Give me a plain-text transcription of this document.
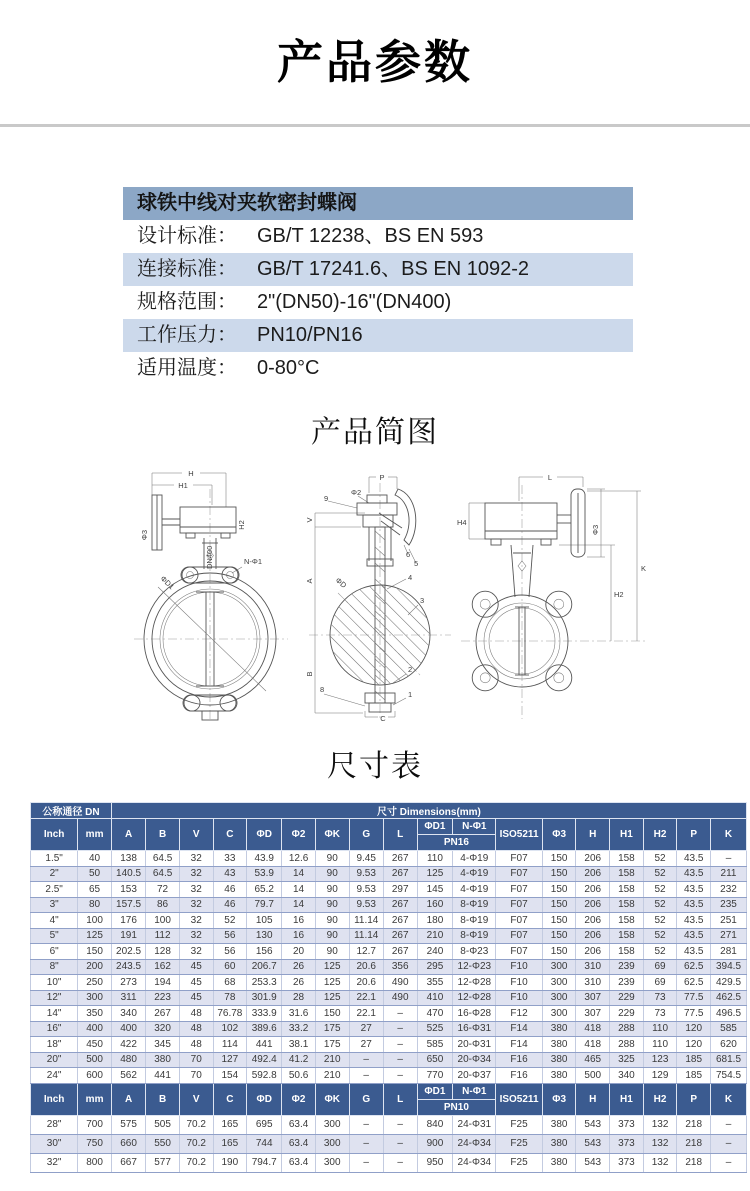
产品参数
球铁中线对夹软密封蝶阀
设计标准：	GB/T 12238、BS EN 593
连接标准：	GB/T 17241.6、BS EN 1092-2
规格范围：	2"(DN50)-16"(DN400)
工作压力：	PN10/PN16
适用温度：	0-80°C
产品简图
H
H1
Φ3
H2
ΦD1
N-Φ1
DN400
P
Φ2
9
V
A
B
ΦD
6
5
4
3
2
1
8
C
L
H4
Φ3
K
H2
尺寸表
公称通径 DN		尺寸 Dimensions(mm)																	
Inch	mm	A	B	V	C	ΦD	Φ2	ΦK	G	L	ΦD1	N-Φ1	ISO5211	Φ3	H	H1	H2	P	K
											PN16								
1.5"	40	138	64.5	32	33	43.9	12.6	90	9.45	267	110	4-Φ19	F07	150	206	158	52	43.5	–
2"	50	140.5	64.5	32	43	53.9	14	90	9.53	267	125	4-Φ19	F07	150	206	158	52	43.5	211
2.5"	65	153	72	32	46	65.2	14	90	9.53	297	145	4-Φ19	F07	150	206	158	52	43.5	232
3"	80	157.5	86	32	46	79.7	14	90	9.53	267	160	8-Φ19	F07	150	206	158	52	43.5	235
4"	100	176	100	32	52	105	16	90	11.14	267	180	8-Φ19	F07	150	206	158	52	43.5	251
5"	125	191	112	32	56	130	16	90	11.14	267	210	8-Φ19	F07	150	206	158	52	43.5	271
6"	150	202.5	128	32	56	156	20	90	12.7	267	240	8-Φ23	F07	150	206	158	52	43.5	281
8"	200	243.5	162	45	60	206.7	26	125	20.6	356	295	12-Φ23	F10	300	310	239	69	62.5	394.5
10"	250	273	194	45	68	253.3	26	125	20.6	490	355	12-Φ28	F10	300	310	239	69	62.5	429.5
12"	300	311	223	45	78	301.9	28	125	22.1	490	410	12-Φ28	F10	300	307	229	73	77.5	462.5
14"	350	340	267	48	76.78	333.9	31.6	150	22.1	–	470	16-Φ28	F12	300	307	229	73	77.5	496.5
16"	400	400	320	48	102	389.6	33.2	175	27	–	525	16-Φ31	F14	380	418	288	110	120	585
18"	450	422	345	48	114	441	38.1	175	27	–	585	20-Φ31	F14	380	418	288	110	120	620
20"	500	480	380	70	127	492.4	41.2	210	–	–	650	20-Φ34	F16	380	465	325	123	185	681.5
24"	600	562	441	70	154	592.8	50.6	210	–	–	770	20-Φ37	F16	380	500	340	129	185	754.5
Inch	mm	A	B	V	C	ΦD	Φ2	ΦK	G	L	ΦD1	N-Φ1	ISO5211	Φ3	H	H1	H2	P	K
											PN10								
28"	700	575	505	70.2	165	695	63.4	300	–	–	840	24-Φ31	F25	380	543	373	132	218	–
30"	750	660	550	70.2	165	744	63.4	300	–	–	900	24-Φ34	F25	380	543	373	132	218	–
32"	800	667	577	70.2	190	794.7	63.4	300	–	–	950	24-Φ34	F25	380	543	373	132	218	–
